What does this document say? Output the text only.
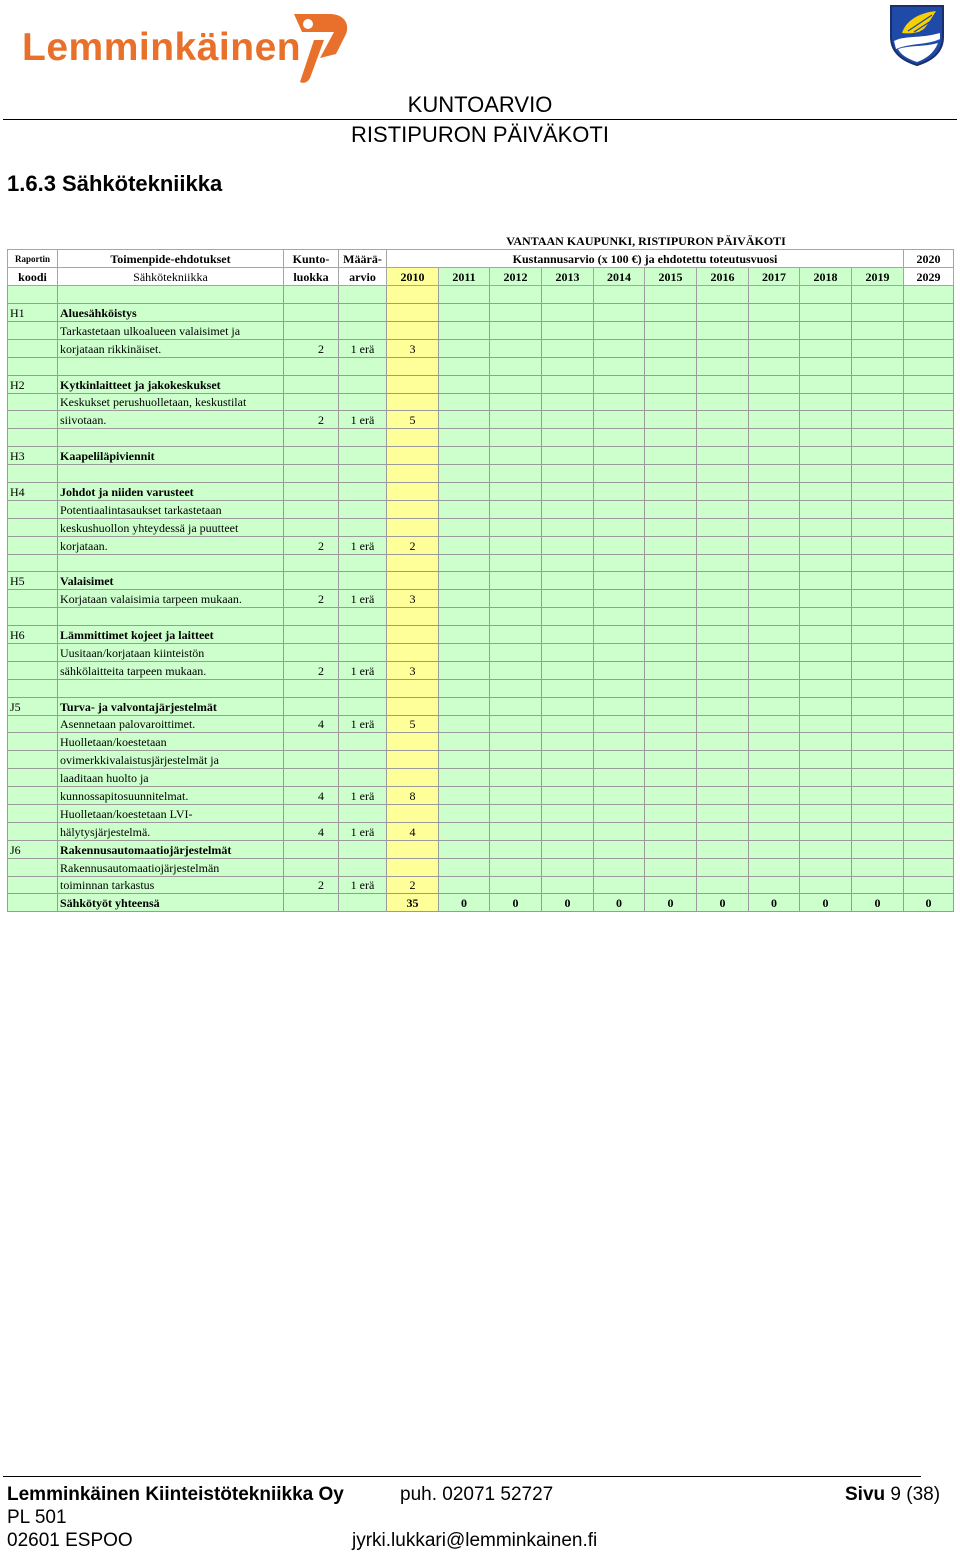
Lemminkäinen
KUNTOARVIO
RISTIPURON PÄIVÄKOTI
1.6.3 Sähkötekniikka
			VANTAAN KAUPUNKI, RISTIPURON PÄIVÄKOTI											
Raportin	Toimenpide-ehdotukset	Kunto-	Määrä-	Kustannusarvio (x 100 €) ja ehdotettu toteutusvuosi										2020
koodi	Sähkötekniikka	luokka	arvio	2010	2011	2012	2013	2014	2015	2016	2017	2018	2019	2029

H1	Aluesähköistys													
	Tarkastetaan ulkoalueen valaisimet ja													
	korjataan rikkinäiset.	2	1 erä	3										

H2	Kytkinlaitteet ja jakokeskukset													
	Keskukset perushuolletaan, keskustilat													
	siivotaan.	2	1 erä	5										

H3	Kaapeliläpiviennit													

H4	Johdot ja niiden varusteet													
	Potentiaalintasaukset tarkastetaan													
	keskushuollon yhteydessä ja puutteet													
	korjataan.	2	1 erä	2										

H5	Valaisimet													
	Korjataan valaisimia tarpeen mukaan.	2	1 erä	3										

H6	Lämmittimet kojeet ja laitteet													
	Uusitaan/korjataan kiinteistön													
	sähkölaitteita tarpeen mukaan.	2	1 erä	3										

J5	Turva- ja valvontajärjestelmät													
	Asennetaan palovaroittimet.	4	1 erä	5										
	Huolletaan/koestetaan													
	ovimerkkivalaistusjärjestelmät ja													
	laaditaan huolto ja													
	kunnossapitosuunnitelmat.	4	1 erä	8										
	Huolletaan/koestetaan LVI-													
	hälytysjärjestelmä.	4	1 erä	4										
J6	Rakennusautomaatiojärjestelmät													
	Rakennusautomaatiojärjestelmän													
	toiminnan tarkastus	2	1 erä	2										
	Sähkötyöt yhteensä			35	0	0	0	0	0	0	0	0	0	0
Lemminkäinen Kiinteistötekniikka Oy
PL 501
02601 ESPOO
puh. 02071 52727
jyrki.lukkari@lemminkainen.fi
Sivu 9 (38)
